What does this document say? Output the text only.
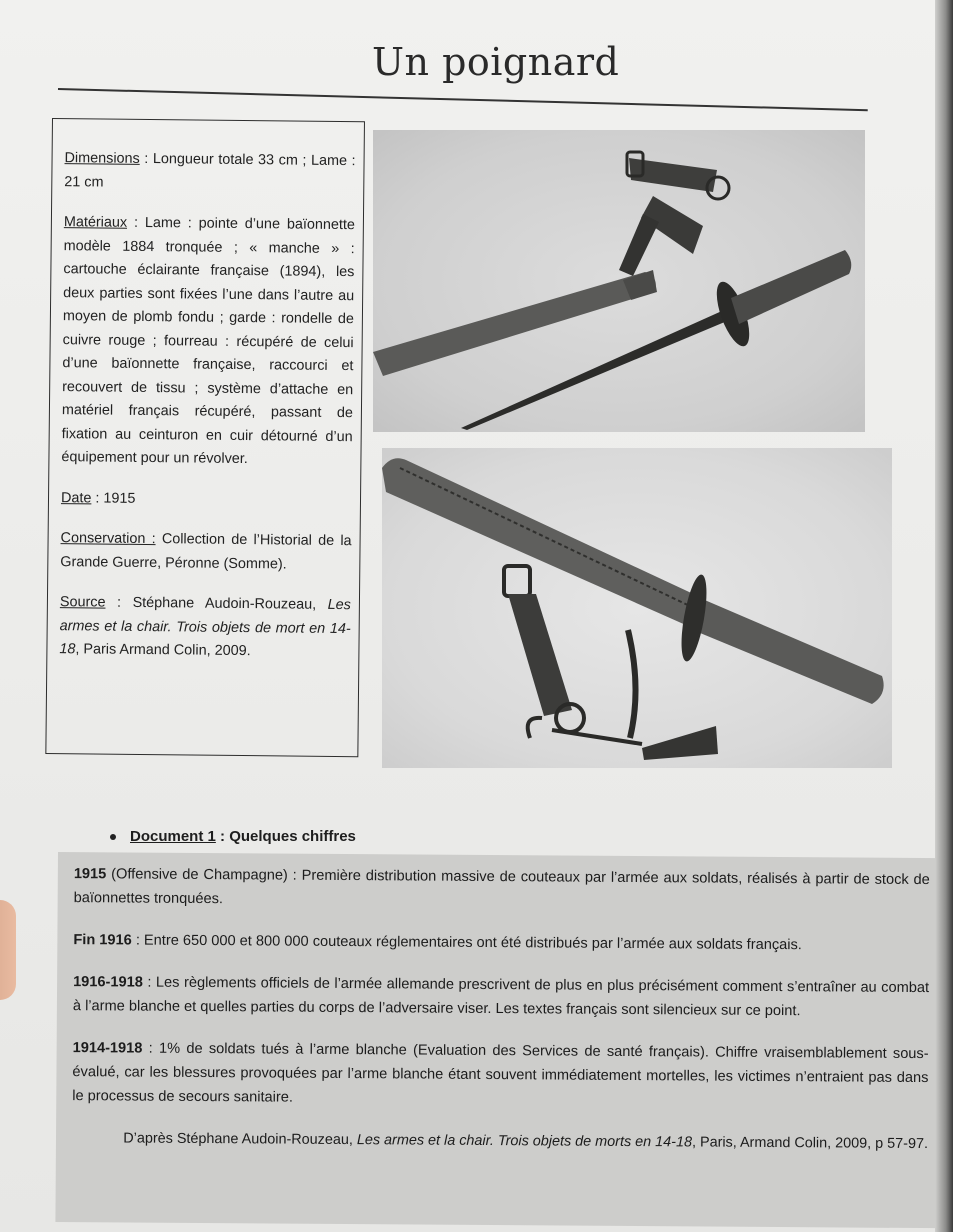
Un poignard

Dimensions : Longueur totale 33 cm ; Lame : 21 cm

Matériaux : Lame : pointe d’une baïonnette modèle 1884 tronquée ; « manche » : cartouche éclairante française (1894), les deux parties sont fixées l’une dans l’autre au moyen de plomb fondu ; garde : rondelle de cuivre rouge ; fourreau : récupéré de celui d’une baïonnette française, raccourci et recouvert de tissu ; système d’attache en matériel français récupéré, passant de fixation au ceinturon en cuir détourné d’un équipement pour un révolver.

Date : 1915

Conservation : Collection de l’Historial de la Grande Guerre, Péronne (Somme).

Source : Stéphane Audoin-Rouzeau, Les armes et la chair. Trois objets de mort en 14-18, Paris Armand Colin, 2009.

Document 1 : Quelques chiffres

1915 (Offensive de Champagne) : Première distribution massive de couteaux par l’armée aux soldats, réalisés à partir de stock de baïonnettes tronquées.

Fin 1916 : Entre 650 000 et 800 000 couteaux réglementaires ont été distribués par l’armée aux soldats français.

1916-1918 : Les règlements officiels de l’armée allemande prescrivent de plus en plus précisément comment s’entraîner au combat à l’arme blanche et quelles parties du corps de l’adversaire viser. Les textes français sont silencieux sur ce point.

1914-1918 : 1% de soldats tués à l’arme blanche (Evaluation des Services de santé français). Chiffre vraisemblablement sous-évalué, car les blessures provoquées par l’arme blanche étant souvent immédiatement mortelles, les victimes n’entraient pas dans le processus de secours sanitaire.

D’après Stéphane Audoin-Rouzeau, Les armes et la chair. Trois objets de morts en 14-18, Paris, Armand Colin, 2009, p 57-97.
